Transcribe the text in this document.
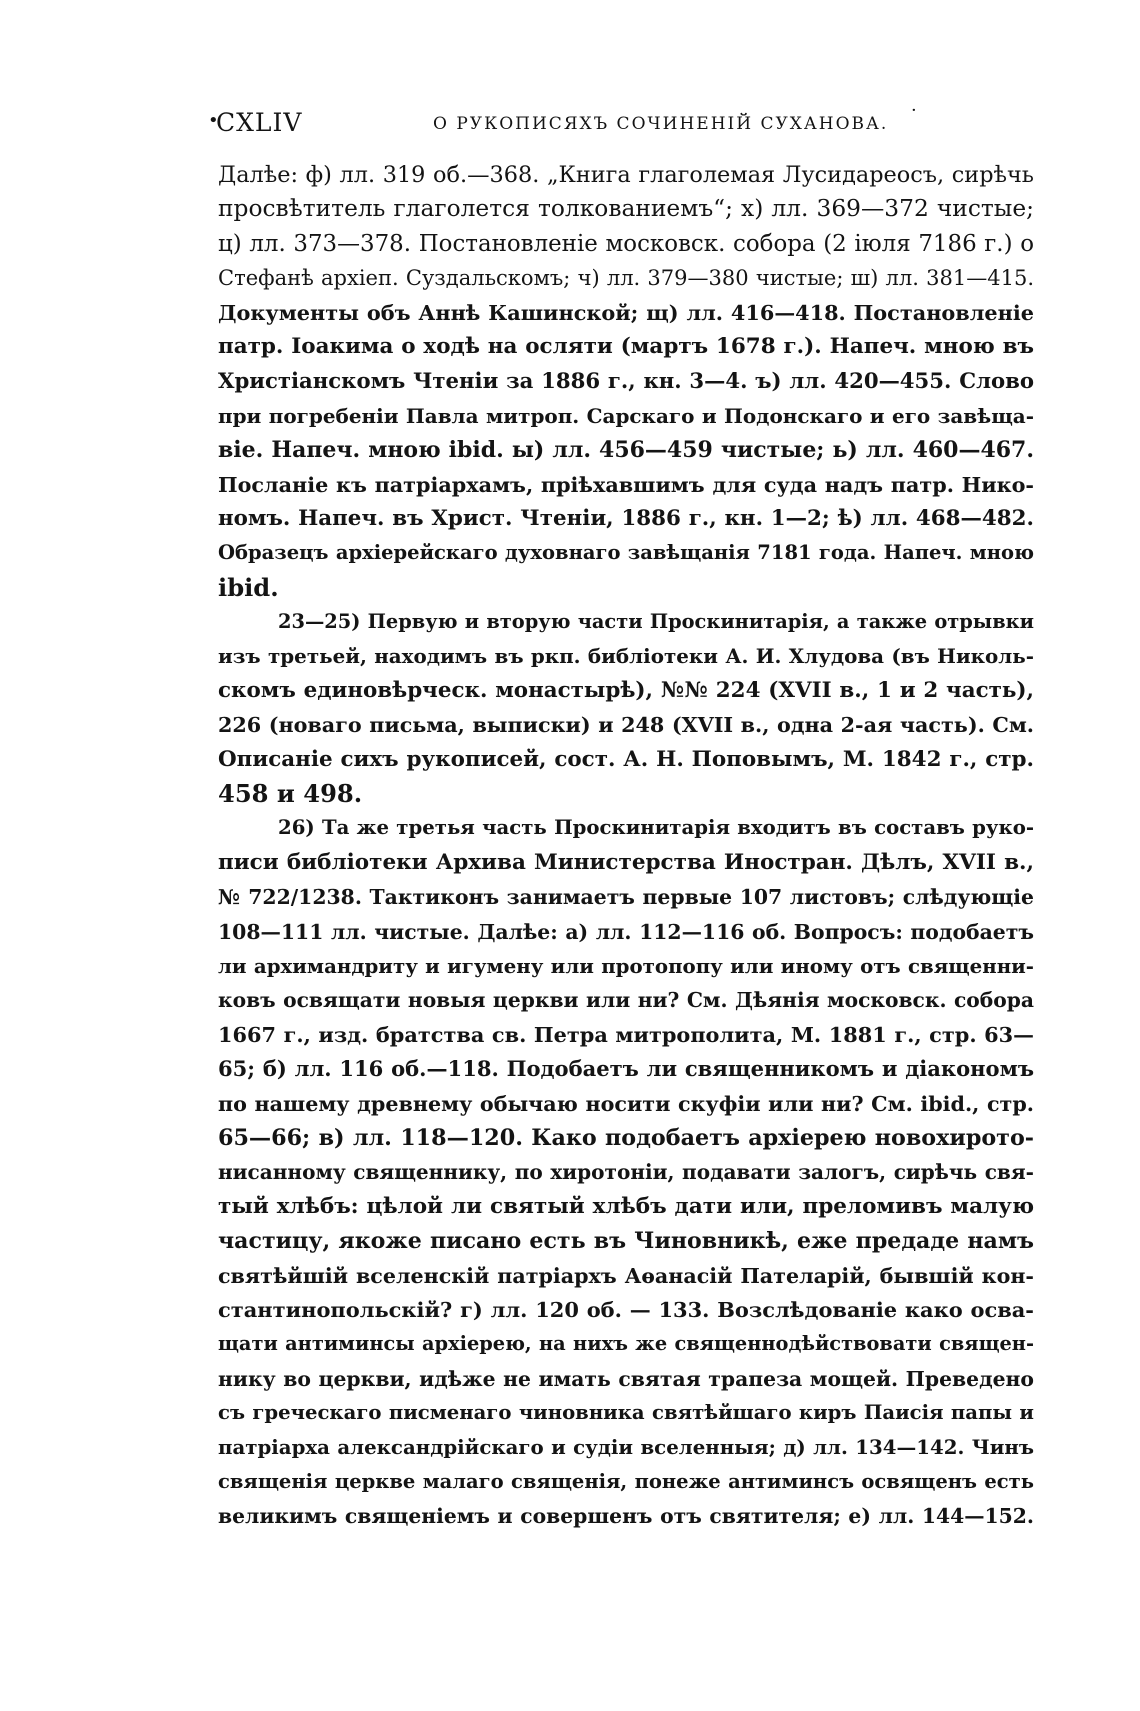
•
CXLIV	О РУКОПИСЯХЪ СОЧИНЕНІЙ СУХАНОВА.
·
Далѣе: ф) лл. 319 об.—368. „Книга глаголемая Лусидареосъ, сирѣчь
просвѣтитель глаголется толкованиемъ“; х) лл. 369—372 чистые;
ц) лл. 373—378. Постановленіе московск. собора (2 іюля 7186 г.) о
Стефанѣ архіеп. Суздальскомъ; ч) лл. 379—380 чистые; ш) лл. 381—415.
Документы объ Аннѣ Кашинской; щ) лл. 416—418. Постановленіе
патр. Іоакима о ходѣ на осляти (мартъ 1678 г.). Напеч. мною въ
Христіанскомъ Чтеніи за 1886 г., кн. 3—4. ъ) лл. 420—455. Слово
при погребеніи Павла митроп. Сарскаго и Подонскаго и его завѣща-
віе. Напеч. мною ibid. ы) лл. 456—459 чистые; ь) лл. 460—467.
Посланіе къ патріархамъ, пріѣхавшимъ для суда надъ патр. Нико-
номъ. Напеч. въ Христ. Чтеніи, 1886 г., кн. 1—2; ѣ) лл. 468—482.
Образецъ архіерейскаго духовнаго завѣщанія 7181 года. Напеч. мною
ibid.
23—25) Первую и вторую части Проскинитарія, а также отрывки
изъ третьей, находимъ въ ркп. библіотеки А. И. Хлудова (въ Николь-
скомъ единовѣрческ. монастырѣ), №№ 224 (XVII в., 1 и 2 часть),
226 (новаго письма, выписки) и 248 (XVII в., одна 2-ая часть). См.
Описаніе сихъ рукописей, сост. А. Н. Поповымъ, М. 1842 г., стр.
458 и 498.
26) Та же третья часть Проскинитарія входитъ въ составъ руко-
писи библіотеки Архива Министерства Иностран. Дѣлъ, XVII в.,
№ 722/1238. Тактиконъ занимаетъ первые 107 листовъ; слѣдующіе
108—111 лл. чистые. Далѣе: а) лл. 112—116 об. Вопросъ: подобаетъ
ли архимандриту и игумену или протопопу или иному отъ священни-
ковъ освящати новыя церкви или ни? См. Дѣянія московск. собора
1667 г., изд. братства св. Петра митрополита, М. 1881 г., стр. 63—
65; б) лл. 116 об.—118. Подобаетъ ли священникомъ и діакономъ
по нашему древнему обычаю носити скуфіи или ни? См. ibid., стр.
65—66; в) лл. 118—120. Како подобаетъ архіерею новохирото-
нисанному священнику, по хиротоніи, подавати залогъ, сирѣчь свя-
тый хлѣбъ: цѣлой ли святый хлѣбъ дати или, преломивъ малую
частицу, якоже писано есть въ Чиновникѣ, еже предаде намъ
святѣйшій вселенскій патріархъ Аѳанасій Пателарій, бывшій кон-
стантинопольскій? г) лл. 120 об. — 133. Возслѣдованіе како осва-
щати антиминсы архіерею, на нихъ же священнодѣйствовати священ-
нику во церкви, идѣже не имать святая трапеза мощей. Преведено
съ греческаго писменаго чиновника святѣйшаго киръ Паисія папы и
патріарха александрійскаго и судіи вселенныя; д) лл. 134—142. Чинъ
священія церкве малаго священія, понеже антиминсъ освященъ есть
великимъ священіемъ и совершенъ отъ святителя; е) лл. 144—152.
